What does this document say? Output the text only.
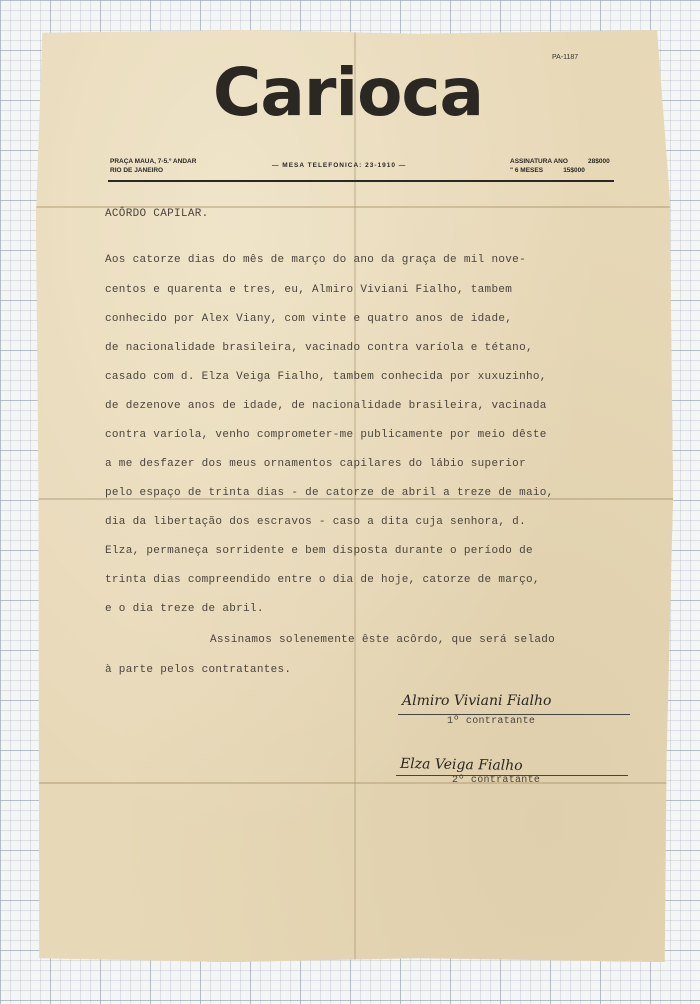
PA-1187
Carioca
PRAÇA MAUA, 7-5.º ANDAR
RIO DE JANEIRO
— MESA TELEFONICA: 23-1910 —
ASSINATURA ANO	28$000
" 6 MESES	15$000
ACÔRDO CAPILAR.
Aos catorze dias do mês de março do ano da graça de mil nove-
centos e quarenta e tres, eu, Almiro Viviani Fialho, tambem
conhecido por Alex Viany, com vinte e quatro anos de idade,
de nacionalidade brasileira, vacinado contra varíola e tétano,
casado com d. Elza Veiga Fialho, tambem conhecida por xuxuzinho,
de dezenove anos de idade, de nacionalidade brasileira, vacinada
contra varíola, venho comprometer-me publicamente por meio dêste
a me desfazer dos meus ornamentos capilares do lábio superior
pelo espaço de trinta dias - de catorze de abril a treze de maio,
dia da libertação dos escravos - caso a dita cuja senhora, d.
Elza, permaneça sorridente e bem disposta durante o período de
trinta dias compreendido entre o dia de hoje, catorze de março,
e o dia treze de abril.
Assinamos solenemente êste acôrdo, que será selado
à parte pelos contratantes.
Almiro Viviani Fialho
1º contratante
Elza Veiga Fialho
2º contratante
